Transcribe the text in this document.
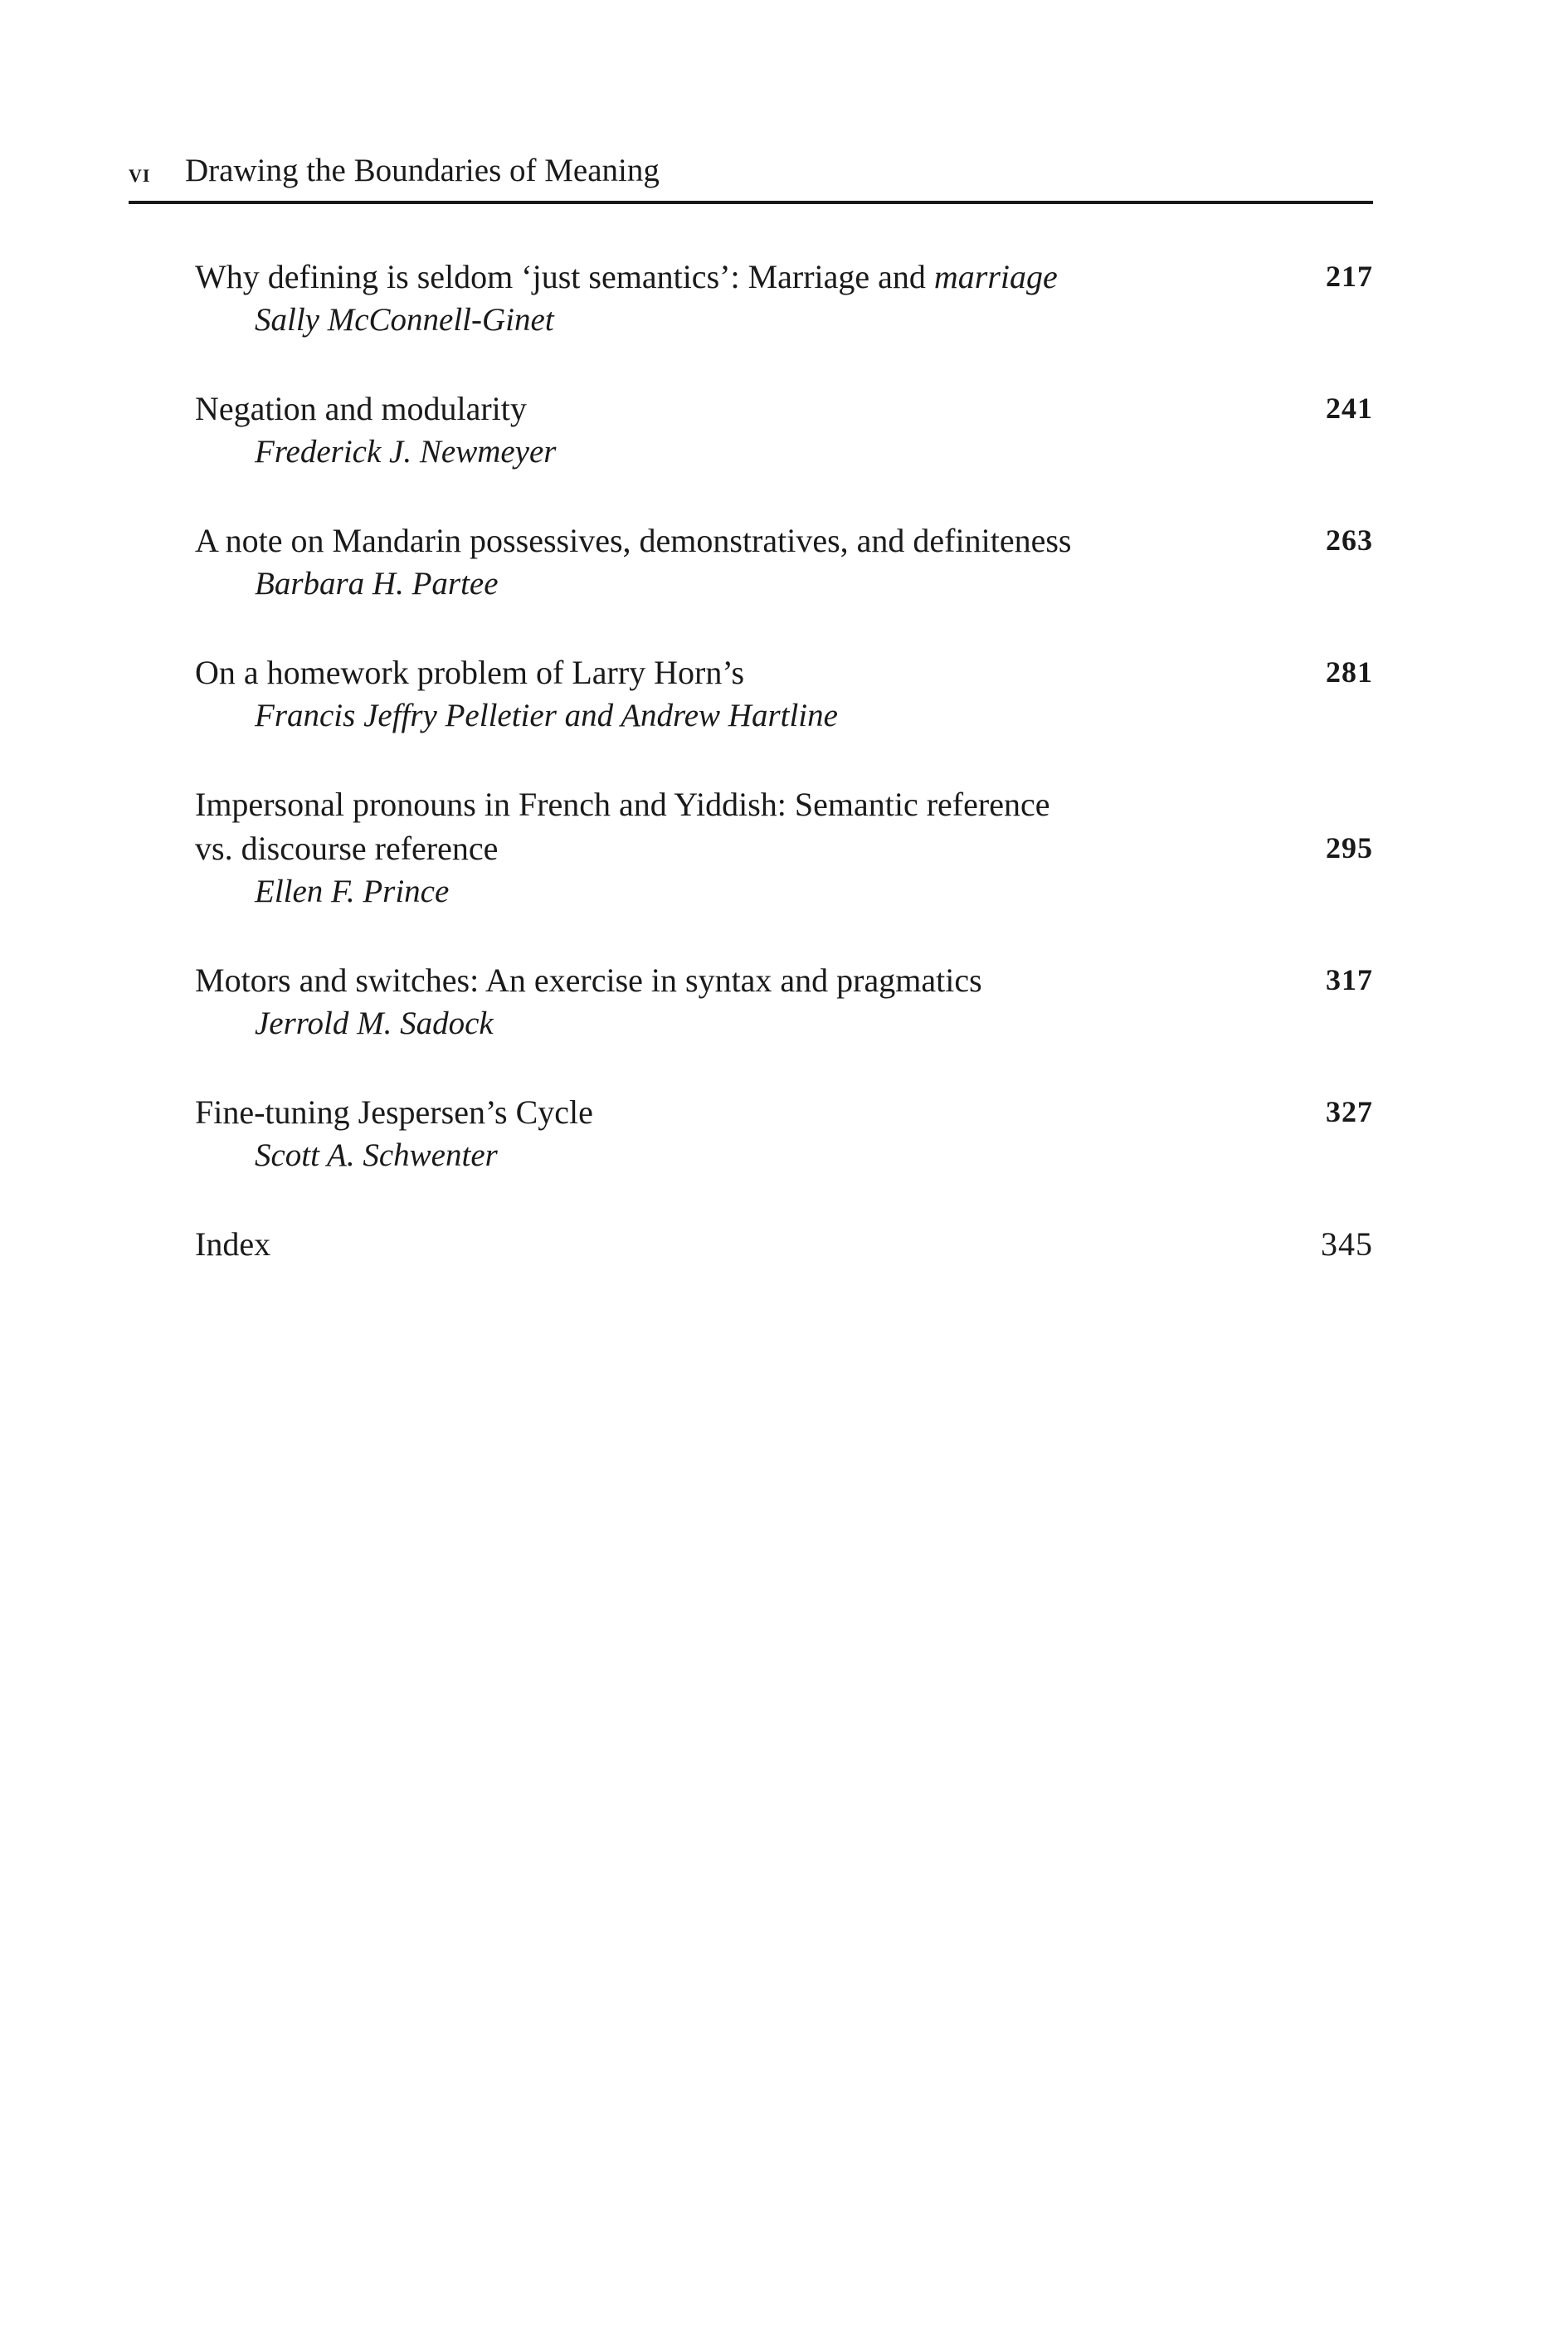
vi Drawing the Boundaries of Meaning
Why defining is seldom ‘just semantics’: Marriage and marriage	217
Sally McConnell-Ginet
Negation and modularity	241
Frederick J. Newmeyer
A note on Mandarin possessives, demonstratives, and definiteness	263
Barbara H. Partee
On a homework problem of Larry Horn’s	281
Francis Jeffry Pelletier and Andrew Hartline
Impersonal pronouns in French and Yiddish: Semantic reference
vs. discourse reference	295
Ellen F. Prince
Motors and switches: An exercise in syntax and pragmatics	317
Jerrold M. Sadock
Fine-tuning Jespersen’s Cycle	327
Scott A. Schwenter
Index	345
